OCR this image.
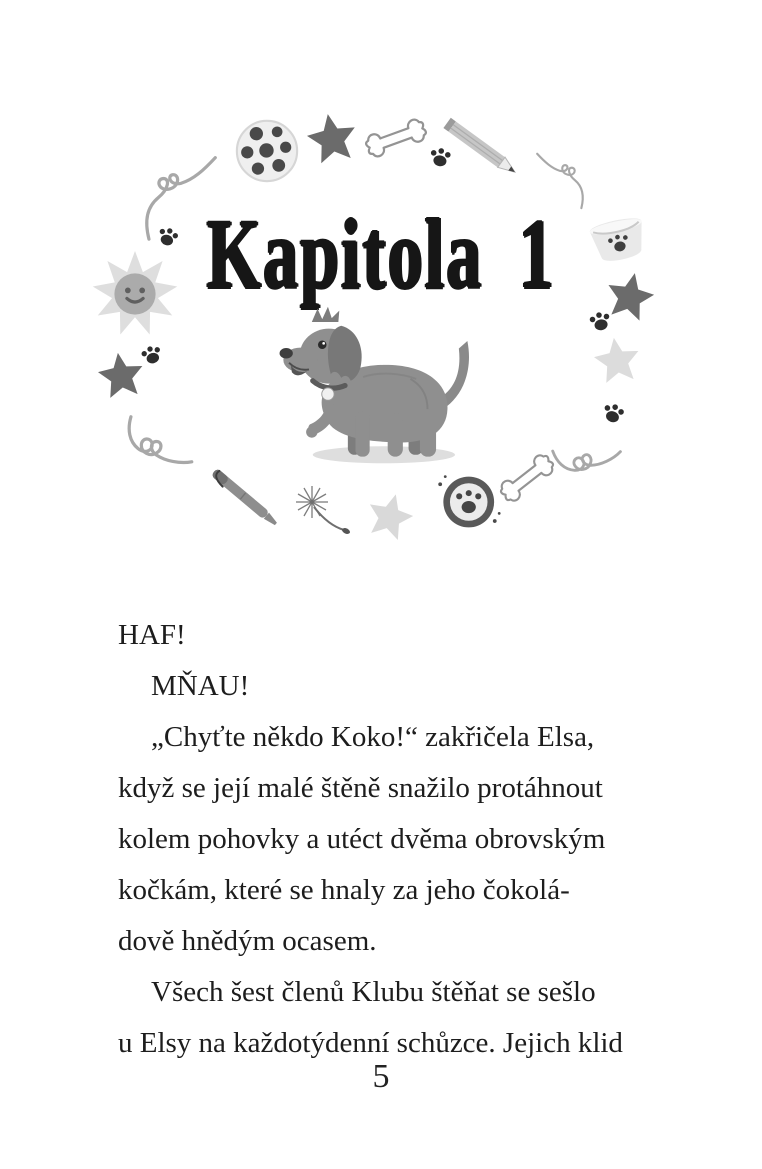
Kapitola 1
HAF!
MŇAU!
„Chyťte někdo Koko!“ zakřičela Elsa,
když se její malé štěně snažilo protáhnout
kolem pohovky a utéct dvěma obrovským
kočkám, které se hnaly za jeho čokolá-
dově hnědým ocasem.
Všech šest členů Klubu štěňat se sešlo
u Elsy na každotýdenní schůzce. Jejich klid
5
